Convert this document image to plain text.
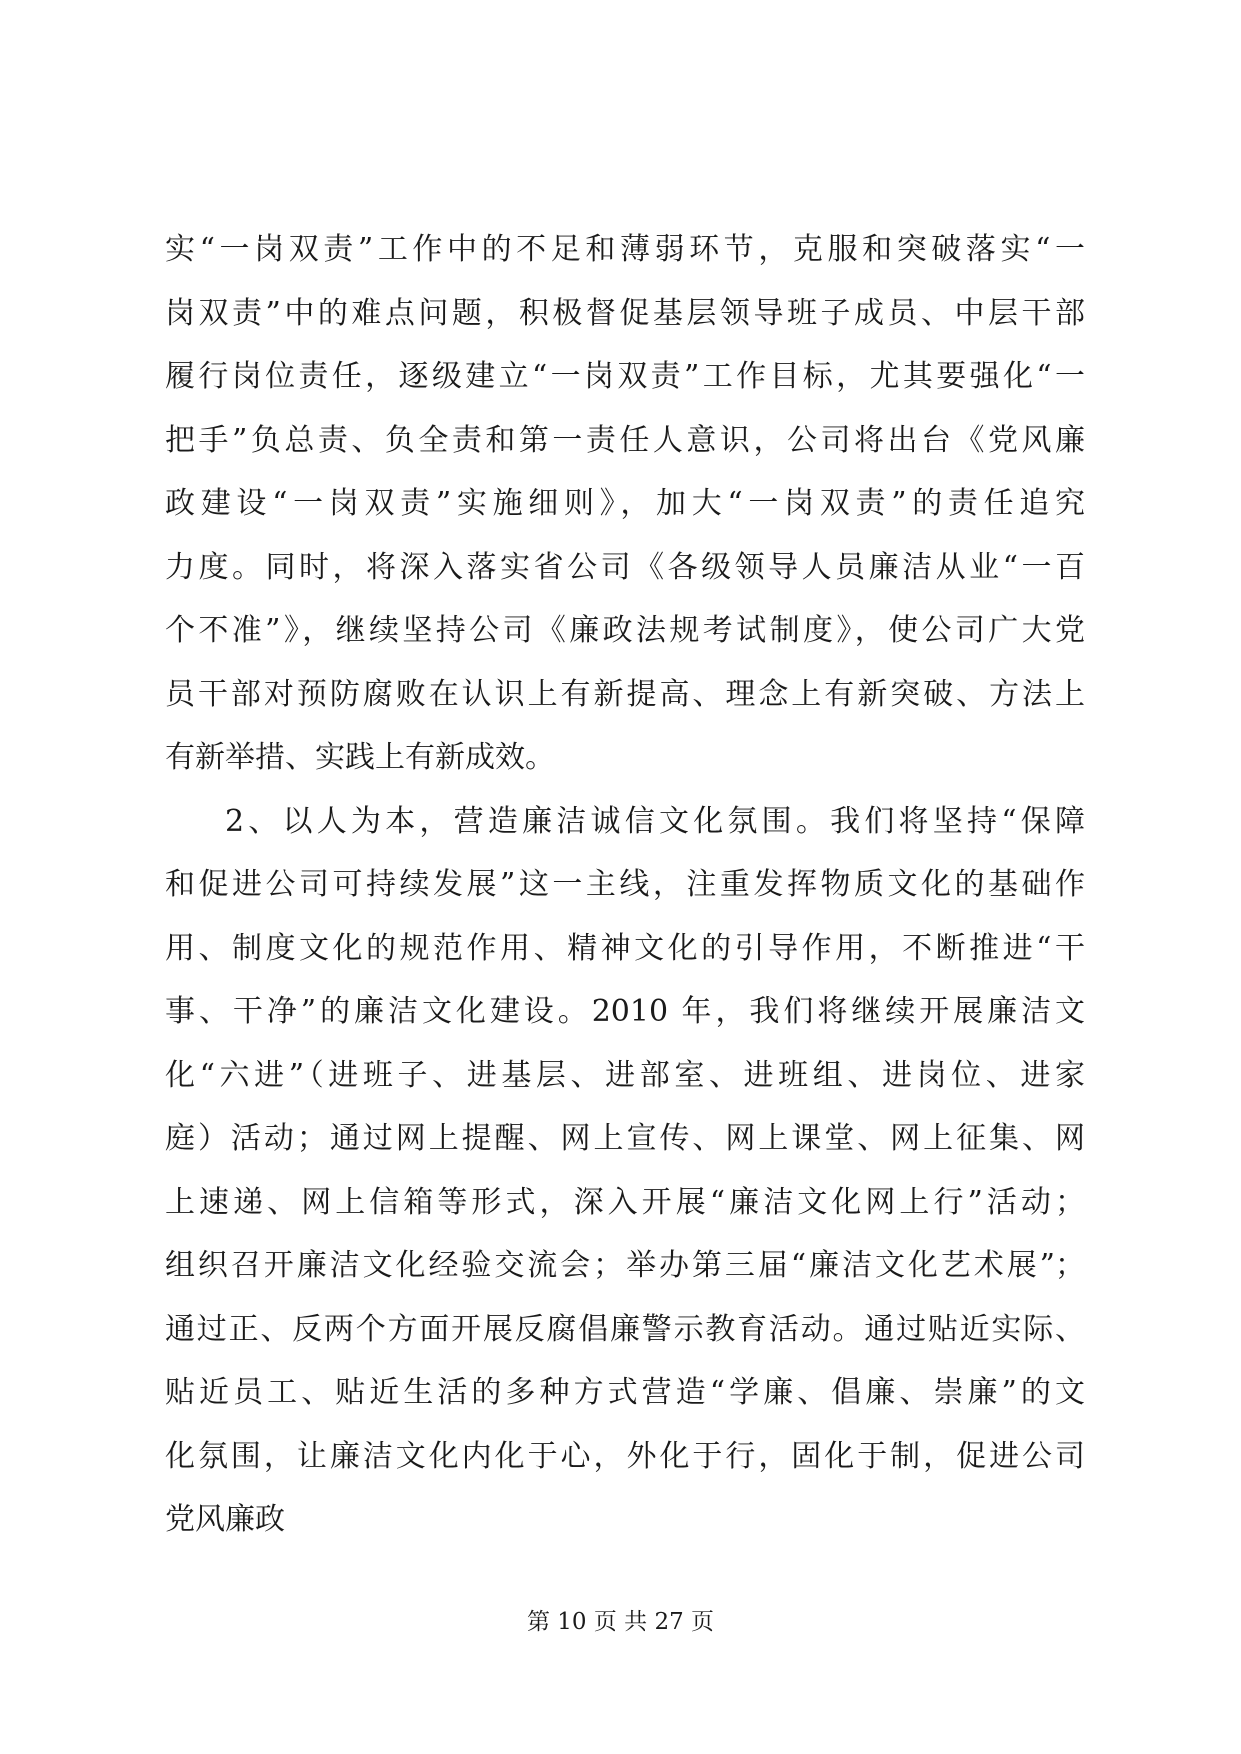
实“一岗双责”工作中的不足和薄弱环节，克服和突破落实“一
岗双责”中的难点问题，积极督促基层领导班子成员、中层干部
履行岗位责任，逐级建立“一岗双责”工作目标，尤其要强化“一
把手”负总责、负全责和第一责任人意识，公司将出台《党风廉
政建设“一岗双责”实施细则》，加大“一岗双责”的责任追究
力度。同时，将深入落实省公司《各级领导人员廉洁从业“一百
个不准”》，继续坚持公司《廉政法规考试制度》，使公司广大党
员干部对预防腐败在认识上有新提高、理念上有新突破、方法上
有新举措、实践上有新成效。
2、以人为本，营造廉洁诚信文化氛围。我们将坚持“保障
和促进公司可持续发展”这一主线，注重发挥物质文化的基础作
用、制度文化的规范作用、精神文化的引导作用，不断推进“干
事、干净”的廉洁文化建设。2010 年，我们将继续开展廉洁文
化“六进”（进班子、进基层、进部室、进班组、进岗位、进家
庭）活动；通过网上提醒、网上宣传、网上课堂、网上征集、网
上速递、网上信箱等形式，深入开展“廉洁文化网上行”活动；
组织召开廉洁文化经验交流会；举办第三届“廉洁文化艺术展”；
通过正、反两个方面开展反腐倡廉警示教育活动。通过贴近实际、
贴近员工、贴近生活的多种方式营造“学廉、倡廉、崇廉”的文
化氛围，让廉洁文化内化于心，外化于行，固化于制，促进公司
党风廉政
第 10 页 共 27 页
